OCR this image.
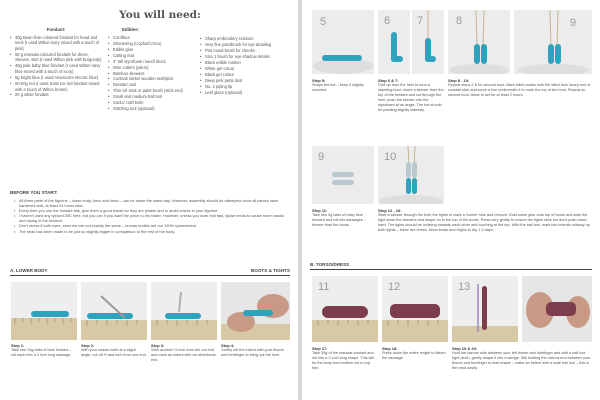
You will need:
Fondant:
• 30g Bean lime-coloured fondant for head and neck (I used Wilton ivory mixed with a touch of pink)
• 50 g marsala-coloured fondant for dress, sleeves, skirt (I used Wilton pink with burgundy)
• 40g pale baby blue fondant (I used Wilton navy blue mixed with a touch of ivory)
• 5g bright blue (I used Americolor electric blue)
• 50-60g red (I used Satin Ice red fondant mixed with a touch of Wilton brown)
• 20 g white fondant
Edibles:
• Cornflour
• Shortening (Copha/Crisco)
• Edible glue
• Cutting mat
• 4" tall styrofoam round/ block
• Wire cutters (pliers)
• Bamboo skewers
• Cocktail sticks/ wooden toothpick
• Dresden tool
• Thin cel stick or paint brush (stick end)
• Small and medium ball tool
• Xacto/ craft knife
• Stitching tool (optional)
• Sharp embroidery scissors
• Very fine paintbrush for eye detailing
• Flat round brush for cheeks
• Size 1 brush for eye shadow details
• Black edible marker
• White gel colour
• Black gel colour
• Deep pink petal dust
• No. 2 piping tip
• Leaf glaze (optional)
BEFORE YOU START:
• All three parts of the figurine – lower body, torso and head – can be made the same day. However, assembly should be attempted once all pieces have hardened well, at least 24 hours later.
• Every time you use the fondant bits, give them a good knead so they are pliable and to avoid cracks in your figurine.
• I haven't used any tylose/CMC here, but you can if you want the piece to dry faster. However, unless you work real fast, tylose tends to cause more cracks and drying in the fondant.
• Don't stress if both eyes, arms etc are not exactly the same – human bodies are not 100% symmetrical.
• The head has been made to be just so slightly bigger in comparison to the rest of the body.
A. LOWER BODY	BOOTS & TIGHTS
Step 1:
Take two 10g balls of blue fondant – roll each into a 3 inch long sausage.
Step 2:
With your exacto knife at a slight angle, cut off ½ and inch from one end.
Step 3:
Stick another ½ inch from the cut end and mark an indent with cel stick/brush end.
Step 4:
Gently roll the indent with your thumb and forefinger to bring out the heel.
5
Step 5:
Shape the toe – keep it slightly rounded.
6 7
Step 6 & 7:
Fold up from the heel to form a standing boot. Insert a skewer from the top of the fondant and cut through the heel, push the skewer into the styrofoam at an angle. The toe should be pointing slightly sideway.
8	9
Step 8 - 10:
Repeat steps 2-6 for second boot. Mark stitch marks with the stitch tool/ sharp end of cocktail stick and score a line underneath it to mark the top of the boot. Repeat on second boot. Allow to set for at least 2 hours.
9
Step 11:
Take two 2g balls of baby blue fondant and roll into sausages – thinner than the boots.
10
Step 12 - 16:
Slide a skewer through the both the tights to mark a 'tunnel' hole and remove. Dust some glue onto top of boots and slide the tight down the skewers and shape on to the top of the boots. Press very gently to ensure the tights stick but don't push down hard. The tights should be inclining towards each other and touching at the top. With the ball tool, mark two indents midway up both tights – these are knees. Allow boots and thighs to dry 1-2 days.
B. TORSO/DRESS
11
Step 17:
Take 30g of the marsala fondant and roll into a 2 inch long shape. This will be the body from bottom cut to top trim.
12
Step 18:
Press down the entire length to flatten the sausage.
13
Step 19 & 20:
Hold the narrow side between your left thumb and forefinger and with a ball tool right pinch, gently shape it into a wedge. Still holding the narrow end between your thumb and forefinger to lead shape – make an indent with a wide ball tool – this is the neck cavity.
